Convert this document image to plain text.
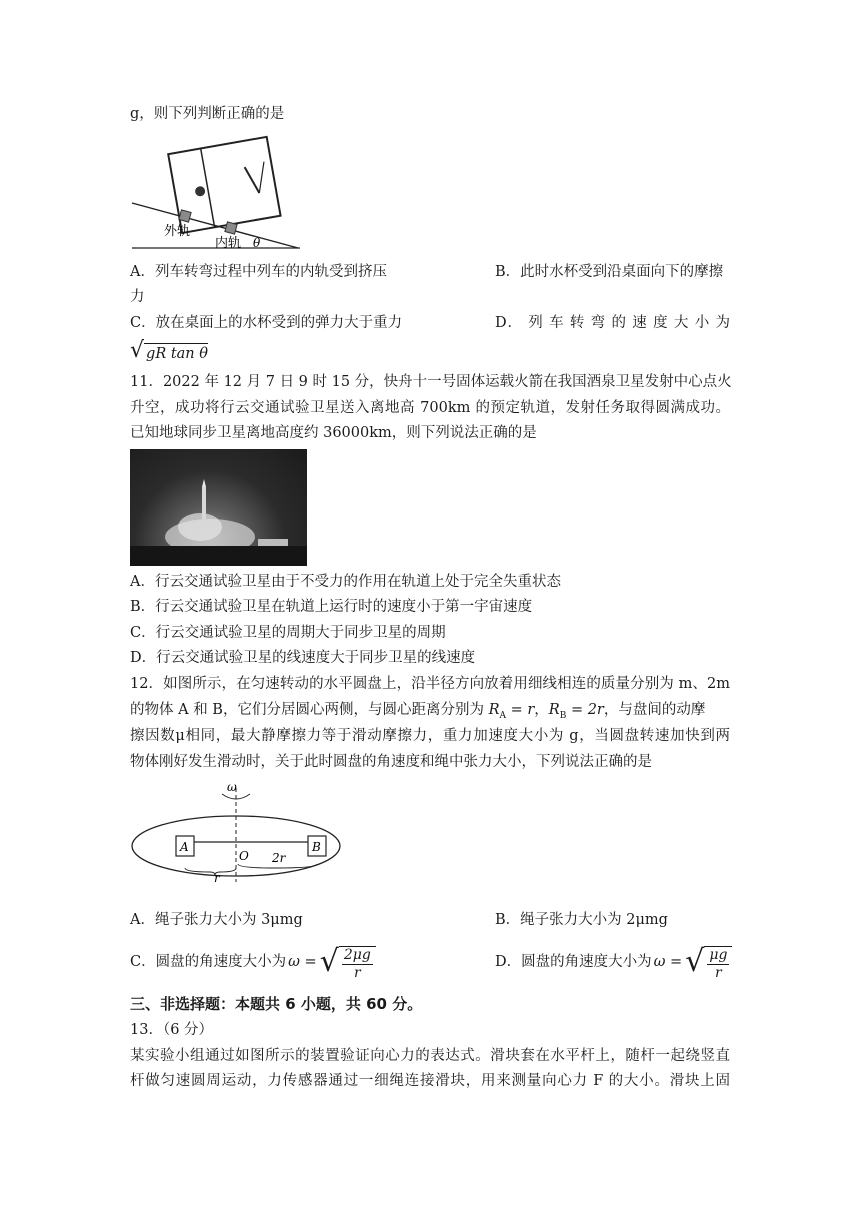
g，则下列判断正确的是
外轨
内轨 θ
A．列车转弯过程中列车的内轨受到挤压	B．此时水杯受到沿桌面向下的摩擦
力
C．放在桌面上的水杯受到的弹力大于重力	D． 列 车 转 弯 的 速 度 大 小 为
√ gR tan θ
11．2022 年 12 月 7 日 9 时 15 分，快舟十一号固体运载火箭在我国酒泉卫星发射中心点火
升空，成功将行云交通试验卫星送入离地高 700km 的预定轨道，发射任务取得圆满成功。
已知地球同步卫星离地高度约 36000km，则下列说法正确的是
A．行云交通试验卫星由于不受力的作用在轨道上处于完全失重状态
B．行云交通试验卫星在轨道上运行时的速度小于第一宇宙速度
C．行云交通试验卫星的周期大于同步卫星的周期
D．行云交通试验卫星的线速度大于同步卫星的线速度
12．如图所示，在匀速转动的水平圆盘上，沿半径方向放着用细线相连的质量分别为 m、2m
的物体 A 和 B，它们分居圆心两侧，与圆心距离分别为 $R_A = r$，$R_B = 2r$，与盘间的动摩
擦因数μ相同，最大静摩擦力等于滑动摩擦力，重力加速度大小为 g，当圆盘转速加快到两
物体刚好发生滑动时，关于此时圆盘的角速度和绳中张力大小，下列说法正确的是
ω
A	B
O 2r
r
A．绳子张力大小为 3μmg	B．绳子张力大小为 2μmg
C．圆盘的角速度大小为 ω = √ $\frac{2\mu g}{r}$	D．圆盘的角速度大小为 ω = √ $\frac{\mu g}{r}$
三、非选择题：本题共 6 小题，共 60 分。
13．（6 分）
某实验小组通过如图所示的装置验证向心力的表达式。滑块套在水平杆上，随杆一起绕竖直
杆做匀速圆周运动，力传感器通过一细绳连接滑块，用来测量向心力 F 的大小。滑块上固
